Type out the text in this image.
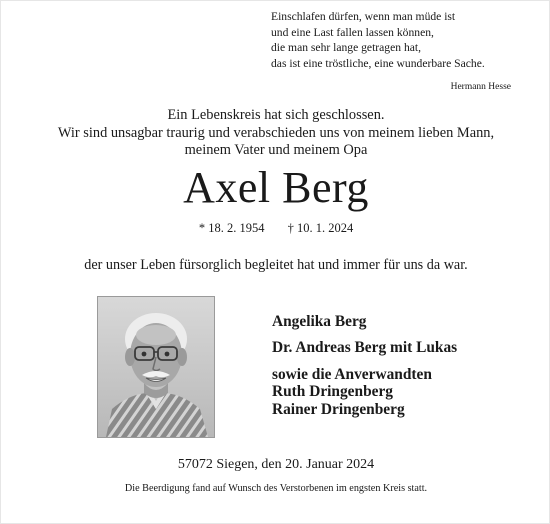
Einschlafen dürfen, wenn man müde ist
und eine Last fallen lassen können,
die man sehr lange getragen hat,
das ist eine tröstliche, eine wunderbare Sache.
Hermann Hesse
Ein Lebenskreis hat sich geschlossen.
Wir sind unsagbar traurig und verabschieden uns von meinem lieben Mann,
meinem Vater und meinem Opa
Axel Berg
* 18. 2. 1954 † 10. 1. 2024
der unser Leben fürsorglich begleitet hat und immer für uns da war.
Angelika Berg
Dr. Andreas Berg mit Lukas
sowie die Anverwandten
Ruth Dringenberg
Rainer Dringenberg
57072 Siegen, den 20. Januar 2024
Die Beerdigung fand auf Wunsch des Verstorbenen im engsten Kreis statt.
